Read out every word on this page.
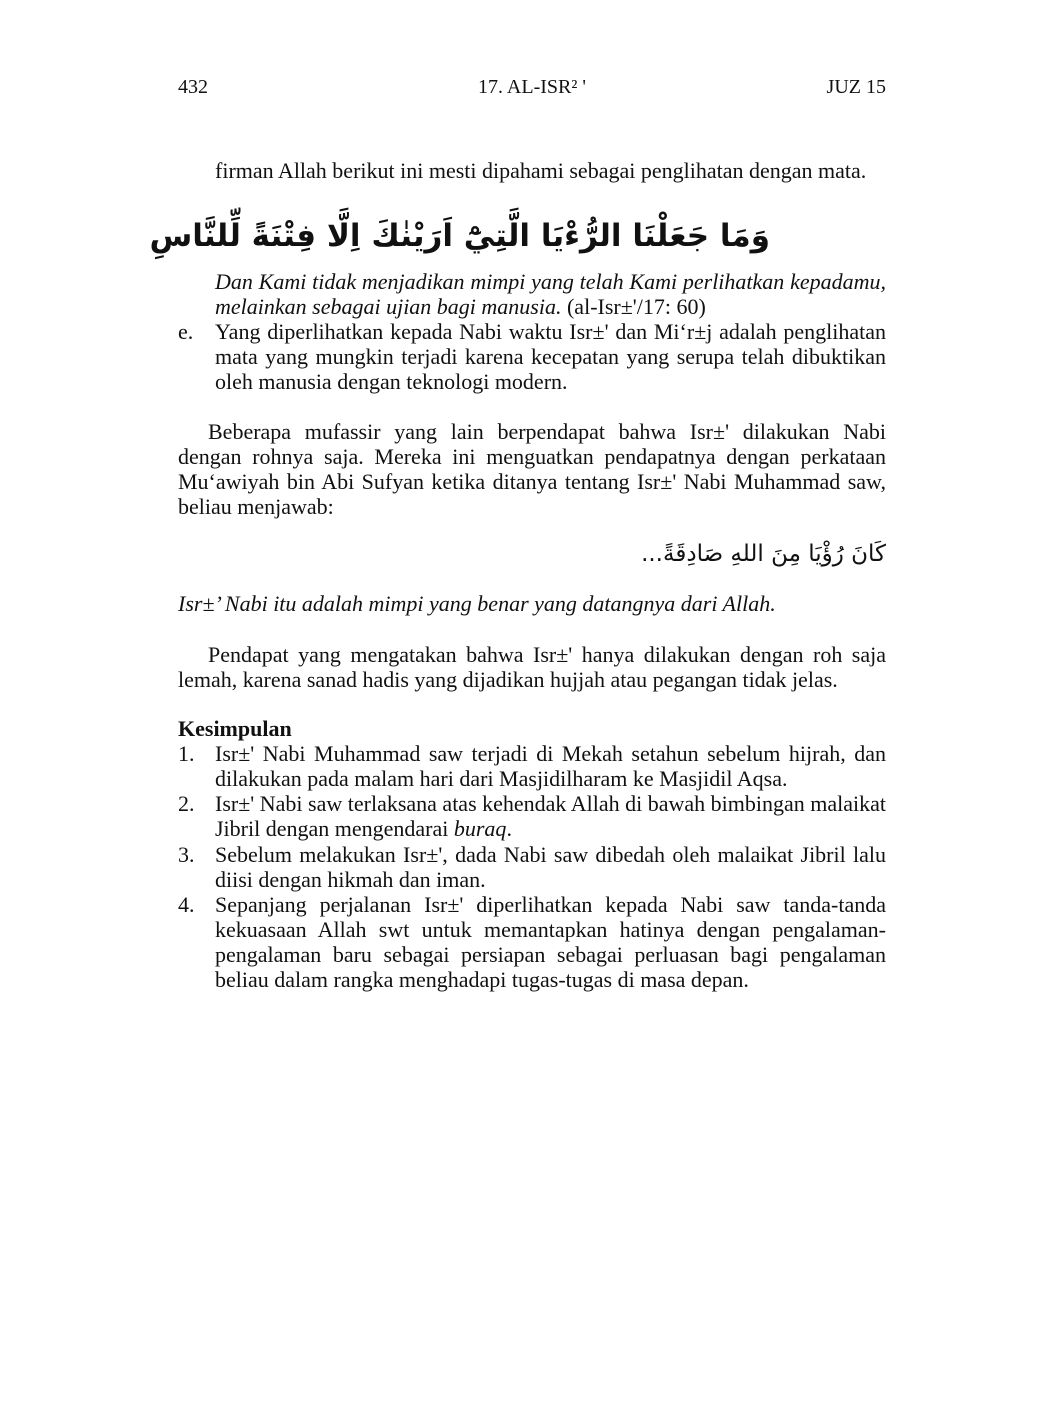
432	17. AL-ISR² '	JUZ 15
firman Allah berikut ini mesti dipahami sebagai penglihatan dengan mata.
وَمَا جَعَلْنَا الرُّءْيَا الَّتِيْٓ اَرَيْنٰكَ اِلَّا فِتْنَةً لِّلنَّاسِ
Dan Kami tidak menjadikan mimpi yang telah Kami perlihatkan kepadamu, melainkan sebagai ujian bagi manusia. (al-Isr±'/17: 60)
e. Yang diperlihatkan kepada Nabi waktu Isr±' dan Mi‘r±j adalah penglihatan mata yang mungkin terjadi karena kecepatan yang serupa telah dibuktikan oleh manusia dengan teknologi modern.
Beberapa mufassir yang lain berpendapat bahwa Isr±' dilakukan Nabi dengan rohnya saja. Mereka ini menguatkan pendapatnya dengan perkataan Mu‘awiyah bin Abi Sufyan ketika ditanya tentang Isr±' Nabi Muhammad saw, beliau menjawab:
كَانَ رُؤْيَا مِنَ اللهِ صَادِقَةً...
Isr±’ Nabi itu adalah mimpi yang benar yang datangnya dari Allah.
Pendapat yang mengatakan bahwa Isr±' hanya dilakukan dengan roh saja lemah, karena sanad hadis yang dijadikan hujjah atau pegangan tidak jelas.
Kesimpulan
1. Isr±' Nabi Muhammad saw terjadi di Mekah setahun sebelum hijrah, dan dilakukan pada malam hari dari Masjidilharam ke Masjidil Aqsa.
2. Isr±' Nabi saw terlaksana atas kehendak Allah di bawah bimbingan malaikat Jibril dengan mengendarai buraq.
3. Sebelum melakukan Isr±', dada Nabi saw dibedah oleh malaikat Jibril lalu diisi dengan hikmah dan iman.
4. Sepanjang perjalanan Isr±' diperlihatkan kepada Nabi saw tanda-tanda kekuasaan Allah swt untuk memantapkan hatinya dengan pengalaman-pengalaman baru sebagai persiapan sebagai perluasan bagi pengalaman beliau dalam rangka menghadapi tugas-tugas di masa depan.
